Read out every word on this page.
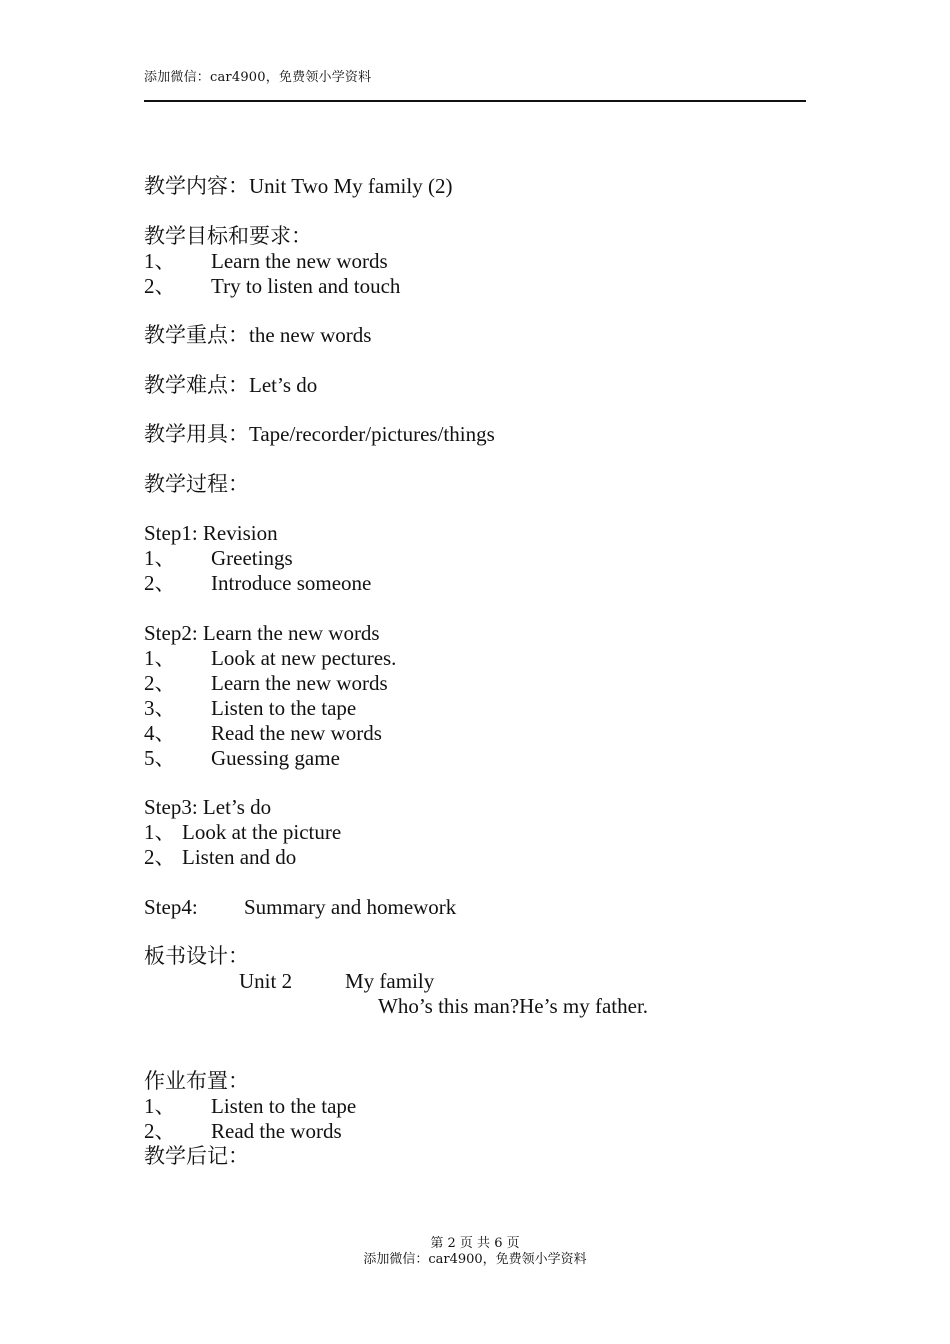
添加微信：car4900，免费领小学资料

教学内容：Unit Two My family (2)

教学目标和要求：

1、	Learn the new words
2、	Try to listen and touch

教学重点：the new words

教学难点：Let’s do

教学用具：Tape/recorder/pictures/things

教学过程：

Step1: Revision

1、	Greetings
2、	Introduce someone

Step2: Learn the new words

1、	Look at new pectures.
2、	Learn the new words
3、	Listen to the tape
4、	Read the new words
5、	Guessing game

Step3: Let’s do

1、 Look at the picture
2、 Listen and do
Step4:	Summary and homework

板书设计：

Unit 2	My family
Who’s this man?He’s my father.

作业布置：

1、	Listen to the tape
2、	Read the words

教学后记：

第 2 页 共 6 页
添加微信：car4900，免费领小学资料
